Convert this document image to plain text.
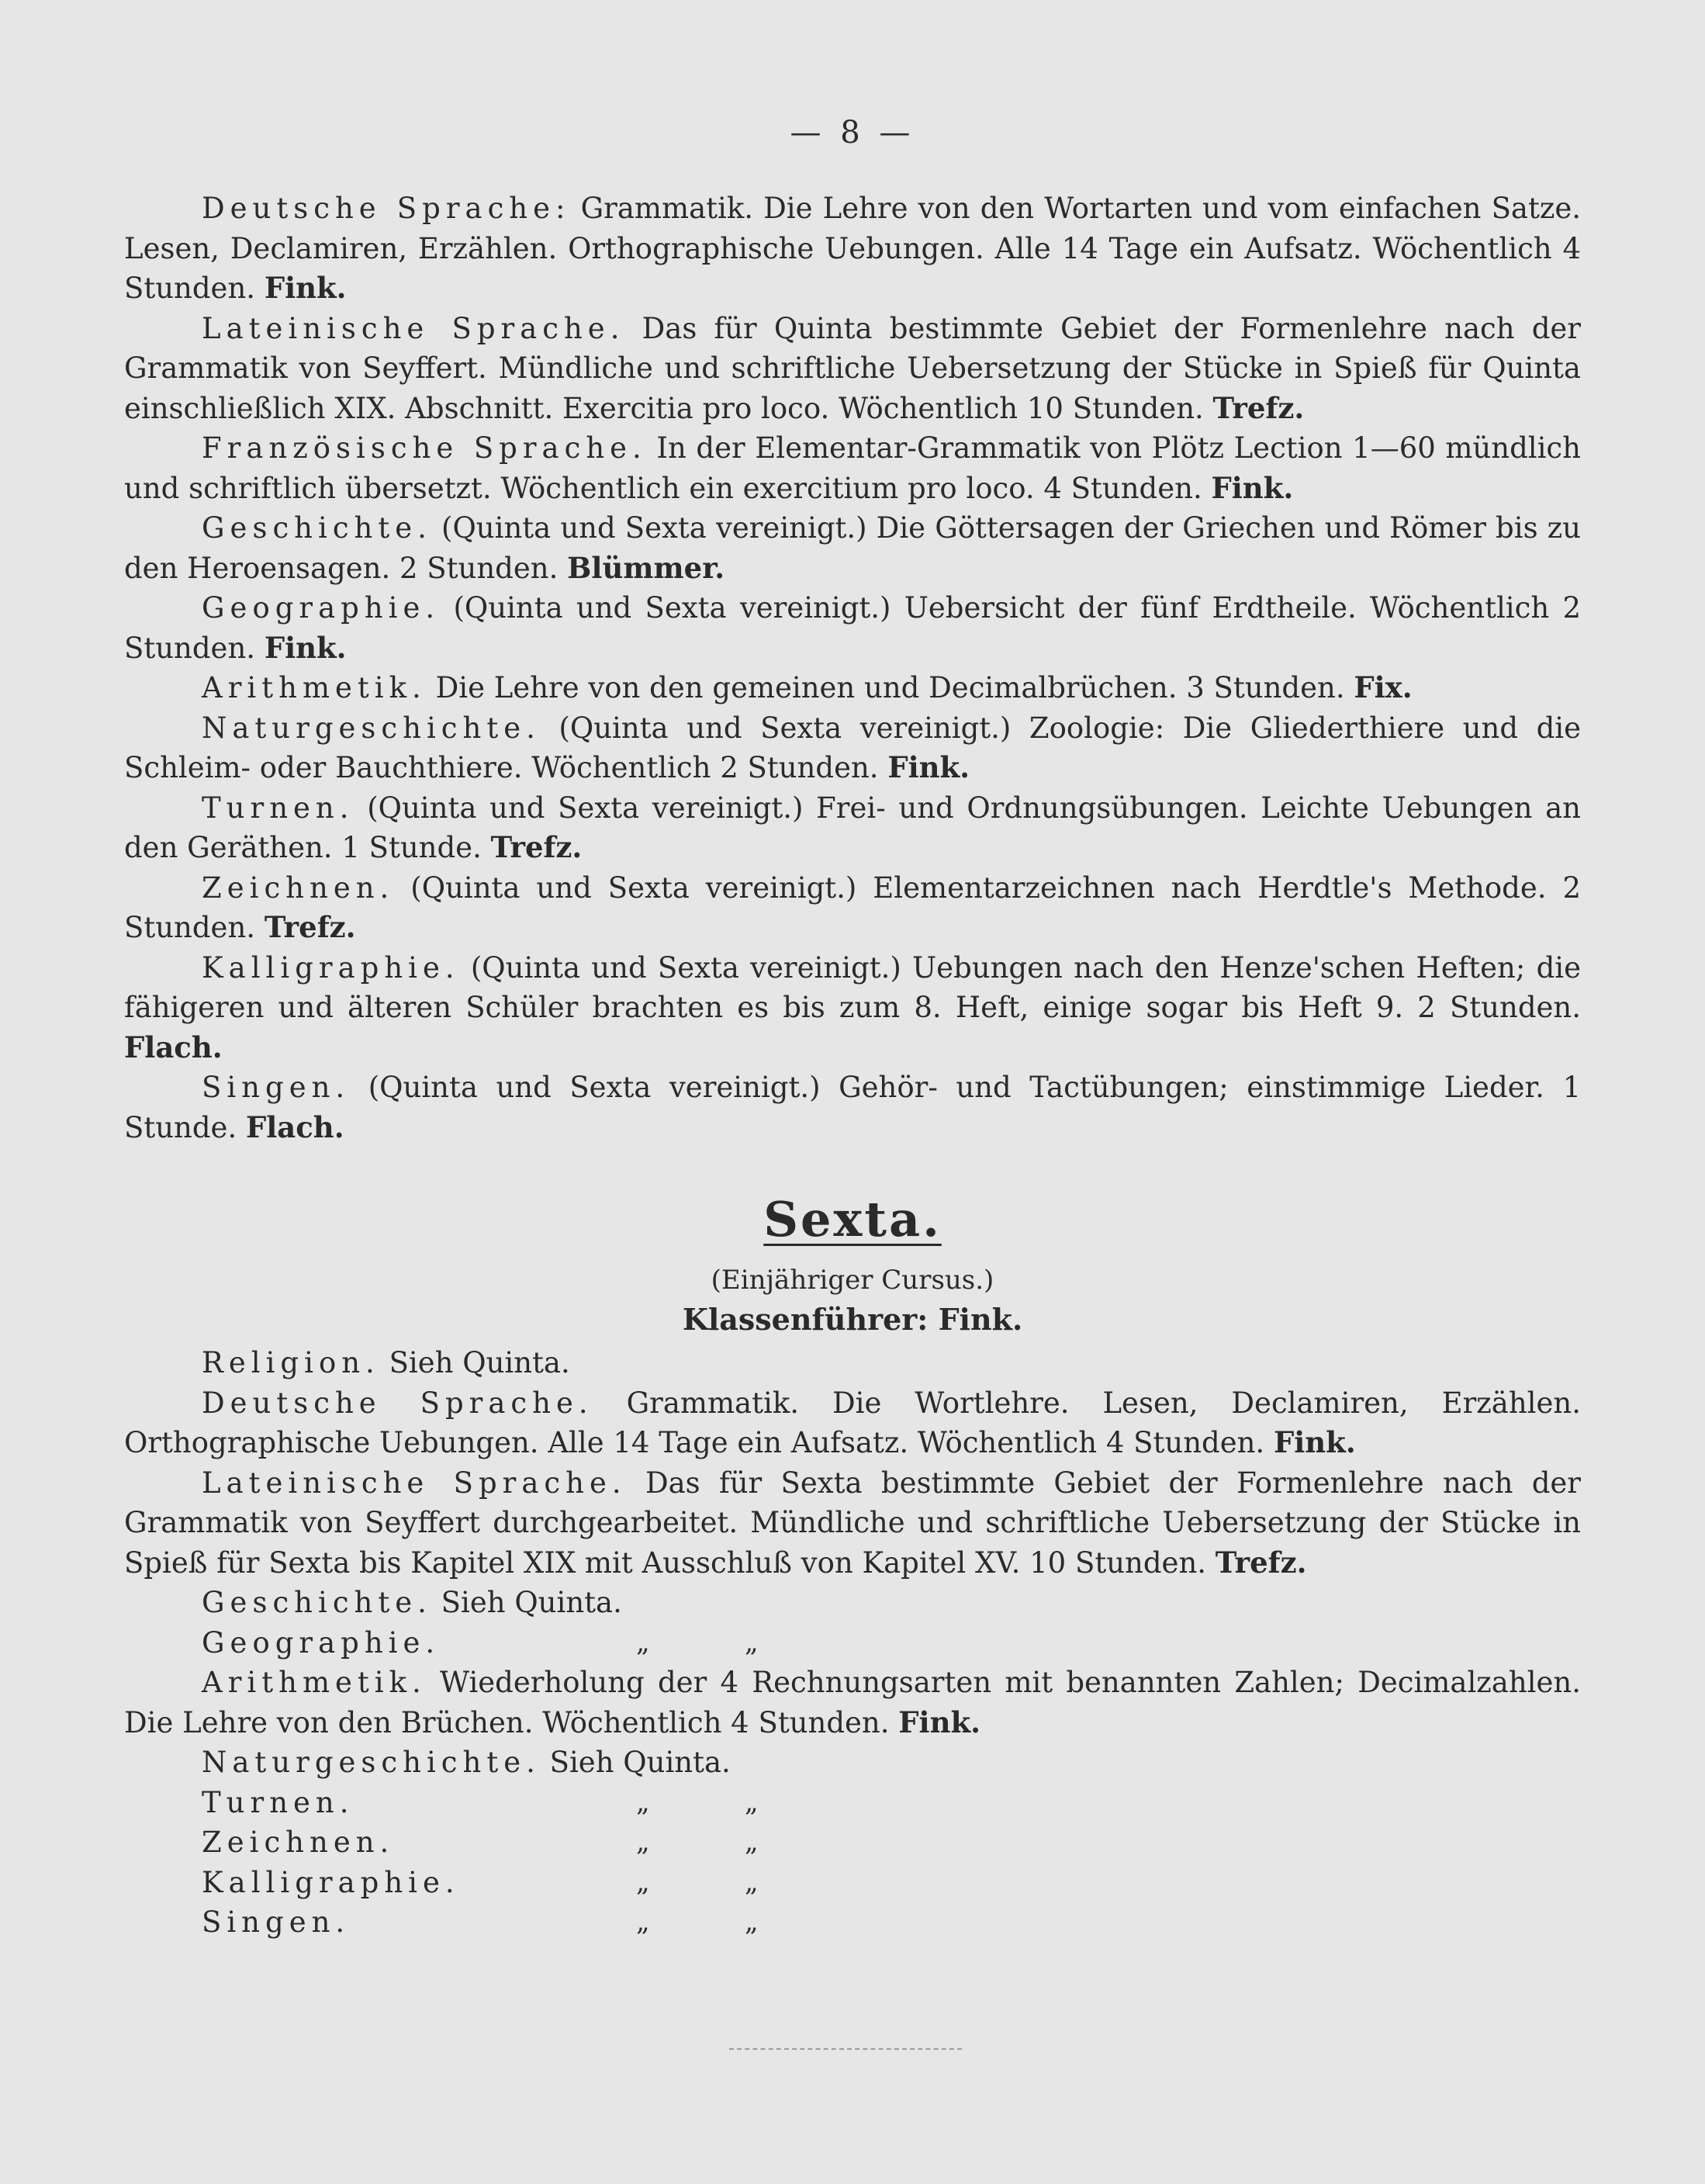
— 8 —

Deutsche Sprache: Grammatik. Die Lehre von den Wortarten und vom einfachen Satze. Lesen, Declamiren, Erzählen. Orthographische Uebungen. Alle 14 Tage ein Aufsatz. Wöchentlich 4 Stunden. Fink.

Lateinische Sprache. Das für Quinta bestimmte Gebiet der Formenlehre nach der Grammatik von Seyffert. Mündliche und schriftliche Uebersetzung der Stücke in Spieß für Quinta einschließlich XIX. Abschnitt. Exercitia pro loco. Wöchentlich 10 Stunden. Trefz.

Französische Sprache. In der Elementar-Grammatik von Plötz Lection 1—60 mündlich und schriftlich übersetzt. Wöchentlich ein exercitium pro loco. 4 Stunden. Fink.

Geschichte. (Quinta und Sexta vereinigt.) Die Göttersagen der Griechen und Römer bis zu den Heroensagen. 2 Stunden. Blümmer.

Geographie. (Quinta und Sexta vereinigt.) Uebersicht der fünf Erdtheile. Wöchentlich 2 Stunden. Fink.

Arithmetik. Die Lehre von den gemeinen und Decimalbrüchen. 3 Stunden. Fix.

Naturgeschichte. (Quinta und Sexta vereinigt.) Zoologie: Die Gliederthiere und die Schleim- oder Bauchthiere. Wöchentlich 2 Stunden. Fink.

Turnen. (Quinta und Sexta vereinigt.) Frei- und Ordnungsübungen. Leichte Uebungen an den Geräthen. 1 Stunde. Trefz.

Zeichnen. (Quinta und Sexta vereinigt.) Elementarzeichnen nach Herdtle's Methode. 2 Stunden. Trefz.

Kalligraphie. (Quinta und Sexta vereinigt.) Uebungen nach den Henze'schen Heften; die fähigeren und älteren Schüler brachten es bis zum 8. Heft, einige sogar bis Heft 9. 2 Stunden. Flach.

Singen. (Quinta und Sexta vereinigt.) Gehör- und Tactübungen; einstimmige Lieder. 1 Stunde. Flach.

Sexta.
(Einjähriger Cursus.)
Klassenführer: Fink.

Religion. Sieh Quinta.

Deutsche Sprache. Grammatik. Die Wortlehre. Lesen, Declamiren, Erzählen. Orthographische Uebungen. Alle 14 Tage ein Aufsatz. Wöchentlich 4 Stunden. Fink.

Lateinische Sprache. Das für Sexta bestimmte Gebiet der Formenlehre nach der Grammatik von Seyffert durchgearbeitet. Mündliche und schriftliche Uebersetzung der Stücke in Spieß für Sexta bis Kapitel XIX mit Ausschluß von Kapitel XV. 10 Stunden. Trefz.

Geschichte. Sieh Quinta.

Geographie.	„	„

Arithmetik. Wiederholung der 4 Rechnungsarten mit benannten Zahlen; Decimalzahlen. Die Lehre von den Brüchen. Wöchentlich 4 Stunden. Fink.

Naturgeschichte. Sieh Quinta.

Turnen.	„	„
Zeichnen.	„	„
Kalligraphie.	„	„
Singen.	„	„
